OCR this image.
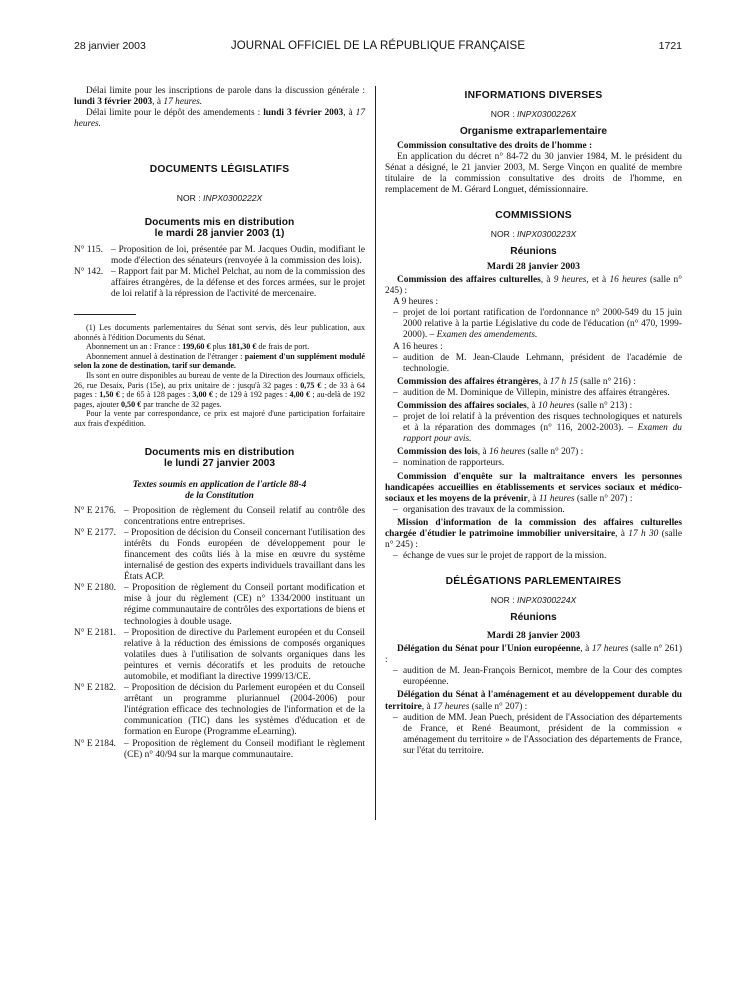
28 janvier 2003	JOURNAL OFFICIEL DE LA RÉPUBLIQUE FRANÇAISE	1721

Délai limite pour les inscriptions de parole dans la discussion générale : lundi 3 février 2003, à 17 heures.

Délai limite pour le dépôt des amendements : lundi 3 février 2003, à 17 heures.

DOCUMENTS LÉGISLATIFS
NOR : INPX0300222X
Documents mis en distribution
le mardi 28 janvier 2003 (1)
N° 115. – Proposition de loi, présentée par M. Jacques Oudin, modifiant le mode d'élection des sénateurs (renvoyée à la commission des lois).
N° 142. – Rapport fait par M. Michel Pelchat, au nom de la commission des affaires étrangères, de la défense et des forces armées, sur le projet de loi relatif à la répression de l'activité de mercenaire.

(1) Les documents parlementaires du Sénat sont servis, dès leur publication, aux abonnés à l'édition Documents du Sénat.

Abonnement un an : France : 199,60 € plus 181,30 € de frais de port.

Abonnement annuel à destination de l'étranger : paiement d'un supplément modulé selon la zone de destination, tarif sur demande.

Ils sont en outre disponibles au bureau de vente de la Direction des Journaux officiels, 26, rue Desaix, Paris (15e), au prix unitaire de : jusqu'à 32 pages : 0,75 € ; de 33 à 64 pages : 1,50 € ; de 65 à 128 pages : 3,00 € ; de 129 à 192 pages : 4,00 € ; au-delà de 192 pages, ajouter 0,50 € par tranche de 32 pages.

Pour la vente par correspondance, ce prix est majoré d'une participation forfaitaire aux frais d'expédition.

Documents mis en distribution
le lundi 27 janvier 2003
Textes soumis en application de l'article 88-4
de la Constitution
N° E 2176. – Proposition de règlement du Conseil relatif au contrôle des concentrations entre entreprises.
N° E 2177. – Proposition de décision du Conseil concernant l'utilisation des intérêts du Fonds européen de développement pour le financement des coûts liés à la mise en œuvre du système internalisé de gestion des experts individuels travaillant dans les États ACP.
N° E 2180. – Proposition de règlement du Conseil portant modification et mise à jour du règlement (CE) n° 1334/2000 instituant un régime communautaire de contrôles des exportations de biens et technologies à double usage.
N° E 2181. – Proposition de directive du Parlement européen et du Conseil relative à la réduction des émissions de composés organiques volatiles dues à l'utilisation de solvants organiques dans les peintures et vernis décoratifs et les produits de retouche automobile, et modifiant la directive 1999/13/CE.
N° E 2182. – Proposition de décision du Parlement européen et du Conseil arrêtant un programme pluriannuel (2004-2006) pour l'intégration efficace des technologies de l'information et de la communication (TIC) dans les systèmes d'éducation et de formation en Europe (Programme eLearning).
N° E 2184. – Proposition de règlement du Conseil modifiant le règlement (CE) n° 40/94 sur la marque communautaire.
INFORMATIONS DIVERSES
NOR : INPX0300226X
Organisme extraparlementaire

Commission consultative des droits de l'homme :

En application du décret n° 84-72 du 30 janvier 1984, M. le président du Sénat a désigné, le 21 janvier 2003, M. Serge Vinçon en qualité de membre titulaire de la commission consultative des droits de l'homme, en remplacement de M. Gérard Longuet, démissionnaire.

COMMISSIONS
NOR : INPX0300223X
Réunions
Mardi 28 janvier 2003

Commission des affaires culturelles, à 9 heures, et à 16 heures (salle n° 245) :

A 9 heures :
– projet de loi portant ratification de l'ordonnance n° 2000-549 du 15 juin 2000 relative à la partie Législative du code de l'éducation (n° 470, 1999-2000). – Examen des amendements.
A 16 heures :
– audition de M. Jean-Claude Lehmann, président de l'académie de technologie.

Commission des affaires étrangères, à 17 h 15 (salle n° 216) :

– audition de M. Dominique de Villepin, ministre des affaires étrangères.

Commission des affaires sociales, à 10 heures (salle n° 213) :

– projet de loi relatif à la prévention des risques technologiques et naturels et à la réparation des dommages (n° 116, 2002-2003). – Examen du rapport pour avis.

Commission des lois, à 16 heures (salle n° 207) :

– nomination de rapporteurs.

Commission d'enquête sur la maltraitance envers les personnes handicapées accueillies en établissements et services sociaux et médico-sociaux et les moyens de la prévenir, à 11 heures (salle n° 207) :

– organisation des travaux de la commission.

Mission d'information de la commission des affaires culturelles chargée d'étudier le patrimoine immobilier universitaire, à 17 h 30 (salle n° 245) :

– échange de vues sur le projet de rapport de la mission.
DÉLÉGATIONS PARLEMENTAIRES
NOR : INPX0300224X
Réunions
Mardi 28 janvier 2003

Délégation du Sénat pour l'Union européenne, à 17 heures (salle n° 261) :

– audition de M. Jean-François Bernicot, membre de la Cour des comptes européenne.

Délégation du Sénat à l'aménagement et au développement durable du territoire, à 17 heures (salle n° 207) :

– audition de MM. Jean Puech, président de l'Association des départements de France, et René Beaumont, président de la commission « aménagement du territoire » de l'Association des départements de France, sur l'état du territoire.
